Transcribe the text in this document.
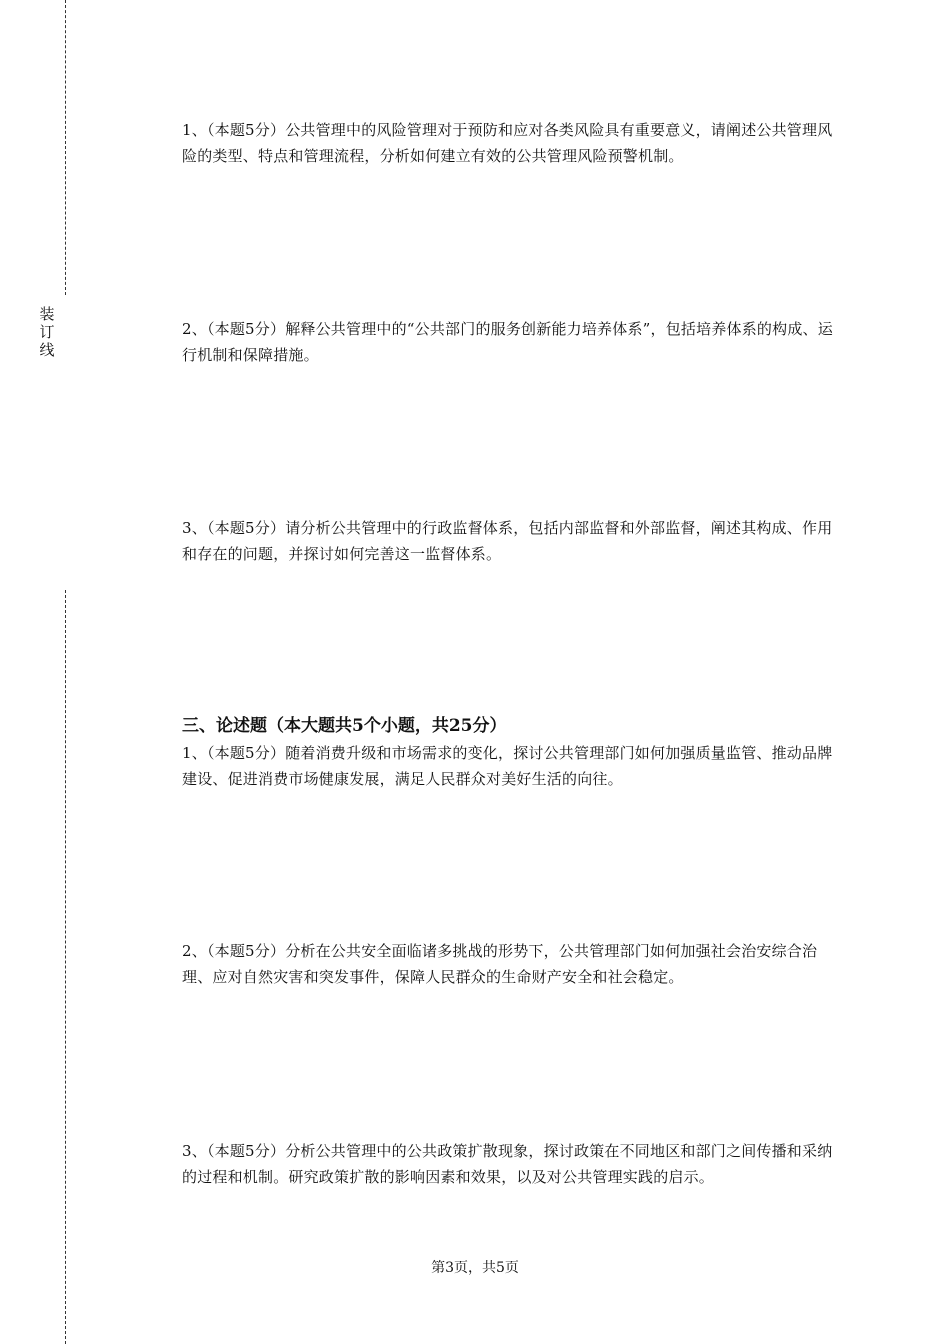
装订线
1、（本题5分）公共管理中的风险管理对于预防和应对各类风险具有重要意义，请阐述公共管理风险的类型、特点和管理流程，分析如何建立有效的公共管理风险预警机制。
2、（本题5分）解释公共管理中的“公共部门的服务创新能力培养体系”，包括培养体系的构成、运行机制和保障措施。
3、（本题5分）请分析公共管理中的行政监督体系，包括内部监督和外部监督，阐述其构成、作用和存在的问题，并探讨如何完善这一监督体系。
三、论述题（本大题共5个小题，共25分）
1、（本题5分）随着消费升级和市场需求的变化，探讨公共管理部门如何加强质量监管、推动品牌建设、促进消费市场健康发展，满足人民群众对美好生活的向往。
2、（本题5分）分析在公共安全面临诸多挑战的形势下，公共管理部门如何加强社会治安综合治理、应对自然灾害和突发事件，保障人民群众的生命财产安全和社会稳定。
3、（本题5分）分析公共管理中的公共政策扩散现象，探讨政策在不同地区和部门之间传播和采纳的过程和机制。研究政策扩散的影响因素和效果，以及对公共管理实践的启示。
第3页，共5页
